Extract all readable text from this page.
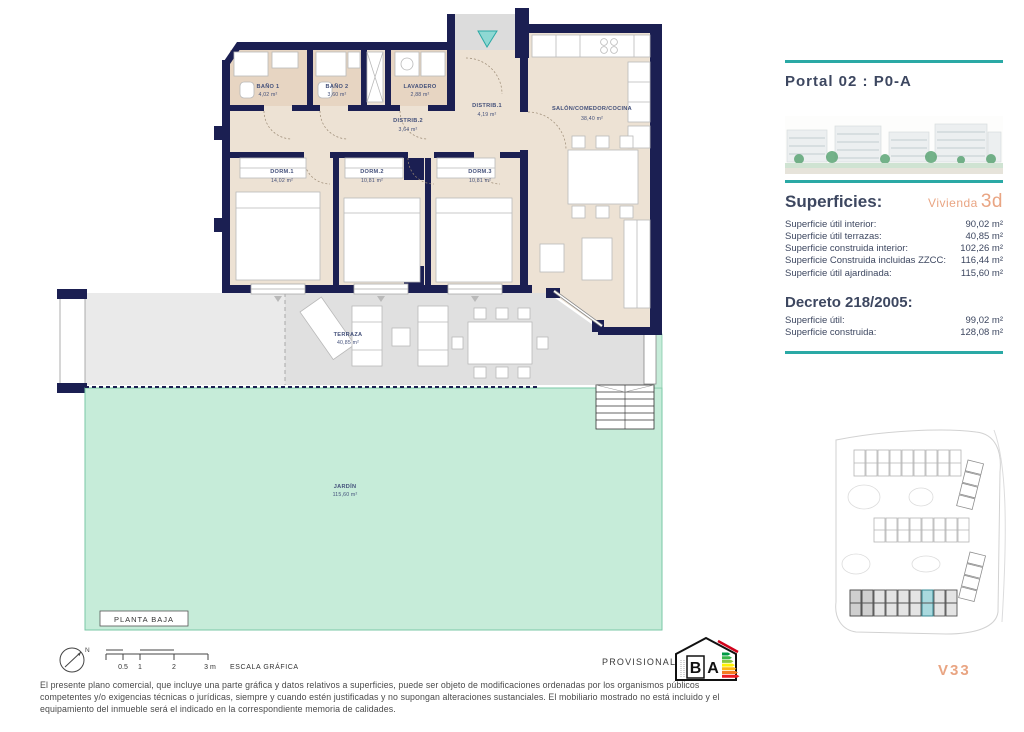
BAÑO 1
4,02 m²
BAÑO 2
3,60 m²
LAVADERO
2,88 m²
DISTRIB.1
4,19 m²
DISTRIB.2
3,64 m²
SALÓN/COMEDOR/COCINA
38,40 m²
DORM.1
14,02 m²
DORM.2
10,81 m²
DORM.3
10,81 m²
TERRAZA
40,85 m²
JARDÍN
115,60 m²
PLANTA BAJA
N
0.5 1	2	3 m ESCALA GRÁFICA
Portal 02 : P0-A
Superficies:	Vivienda 3d
Superficie útil interior:	90,02 m²
Superficie útil terrazas:	40,85 m²
Superficie construida interior:	102,26 m²
Superficie Construida incluidas ZZCC: 116,44 m²
Superficie útil ajardinada:	115,60 m²
Decreto 218/2005:
Superficie útil:	99,02 m²
Superficie construida:	128,08 m²
PROVISIONAL B A
El presente plano comercial, que incluye una parte gráfica y datos relativos a superficies, puede ser objeto de modificaciones ordenadas por los organismos públicos competentes y/o exigencias técnicas o jurídicas, siempre y cuando estén justificadas y no supongan alteraciones sustanciales. El mobiliario mostrado no está incluido y el equipamiento del inmueble será el indicado en la correspondiente memoria de calidades.
V33
